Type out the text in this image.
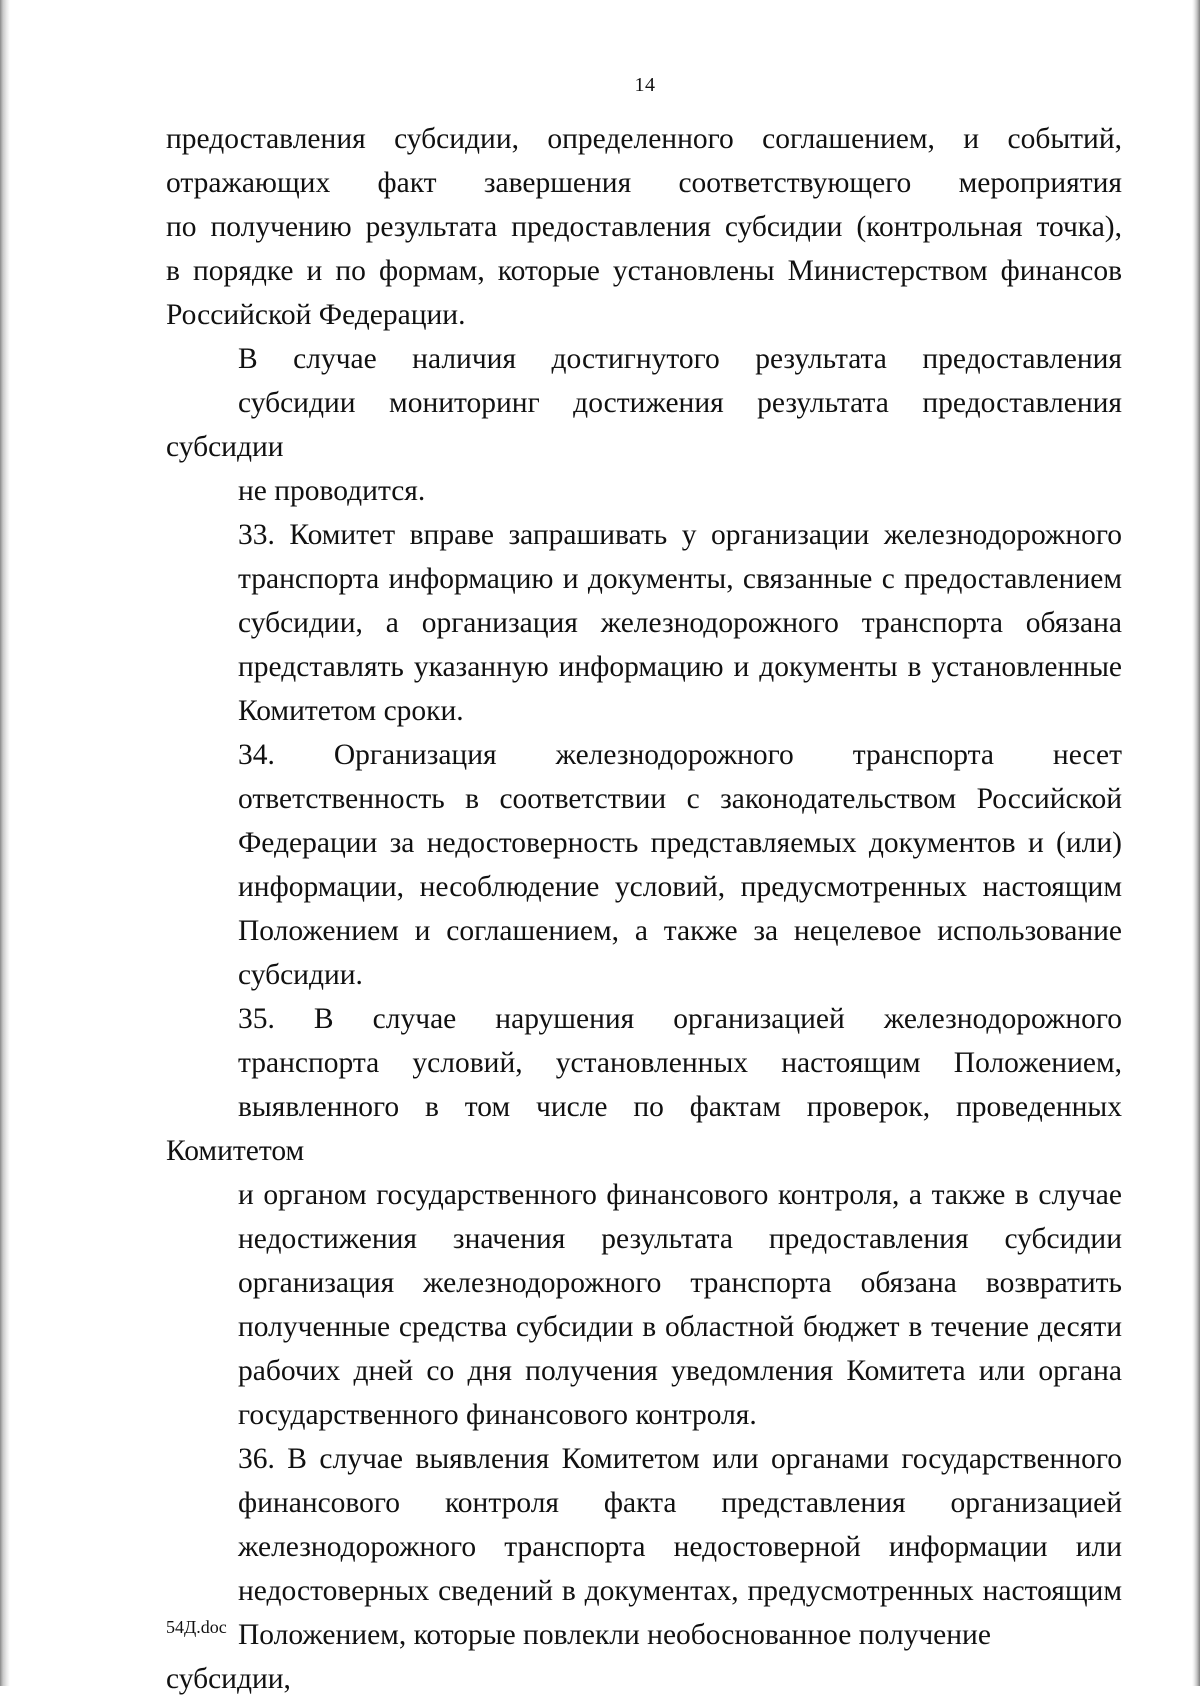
14
предоставления субсидии, определенного соглашением, и событий,
отражающих факт завершения соответствующего мероприятия
по получению результата предоставления субсидии (контрольная точка),
в порядке и по формам, которые установлены Министерством финансов
Российской Федерации.
В случае наличия достигнутого результата предоставления
субсидии мониторинг достижения результата предоставления субсидии
не проводится.
33. Комитет вправе запрашивать у организации железнодорожного
транспорта информацию и документы, связанные с предоставлением
субсидии, а организация железнодорожного транспорта обязана
представлять указанную информацию и документы в установленные
Комитетом сроки.
34. Организация железнодорожного транспорта несет
ответственность в соответствии с законодательством Российской
Федерации за недостоверность представляемых документов и (или)
информации, несоблюдение условий, предусмотренных настоящим
Положением и соглашением, а также за нецелевое использование
субсидии.
35. В случае нарушения организацией железнодорожного
транспорта условий, установленных настоящим Положением,
выявленного в том числе по фактам проверок, проведенных Комитетом
и органом государственного финансового контроля, а также в случае
недостижения значения результата предоставления субсидии
организация железнодорожного транспорта обязана возвратить
полученные средства субсидии в областной бюджет в течение десяти
рабочих дней со дня получения уведомления Комитета или органа
государственного финансового контроля.
36. В случае выявления Комитетом или органами государственного
финансового контроля факта представления организацией
железнодорожного транспорта недостоверной информации или
недостоверных сведений в документах, предусмотренных настоящим
Положением, которые повлекли необоснованное получение субсидии,
54Д.doc
